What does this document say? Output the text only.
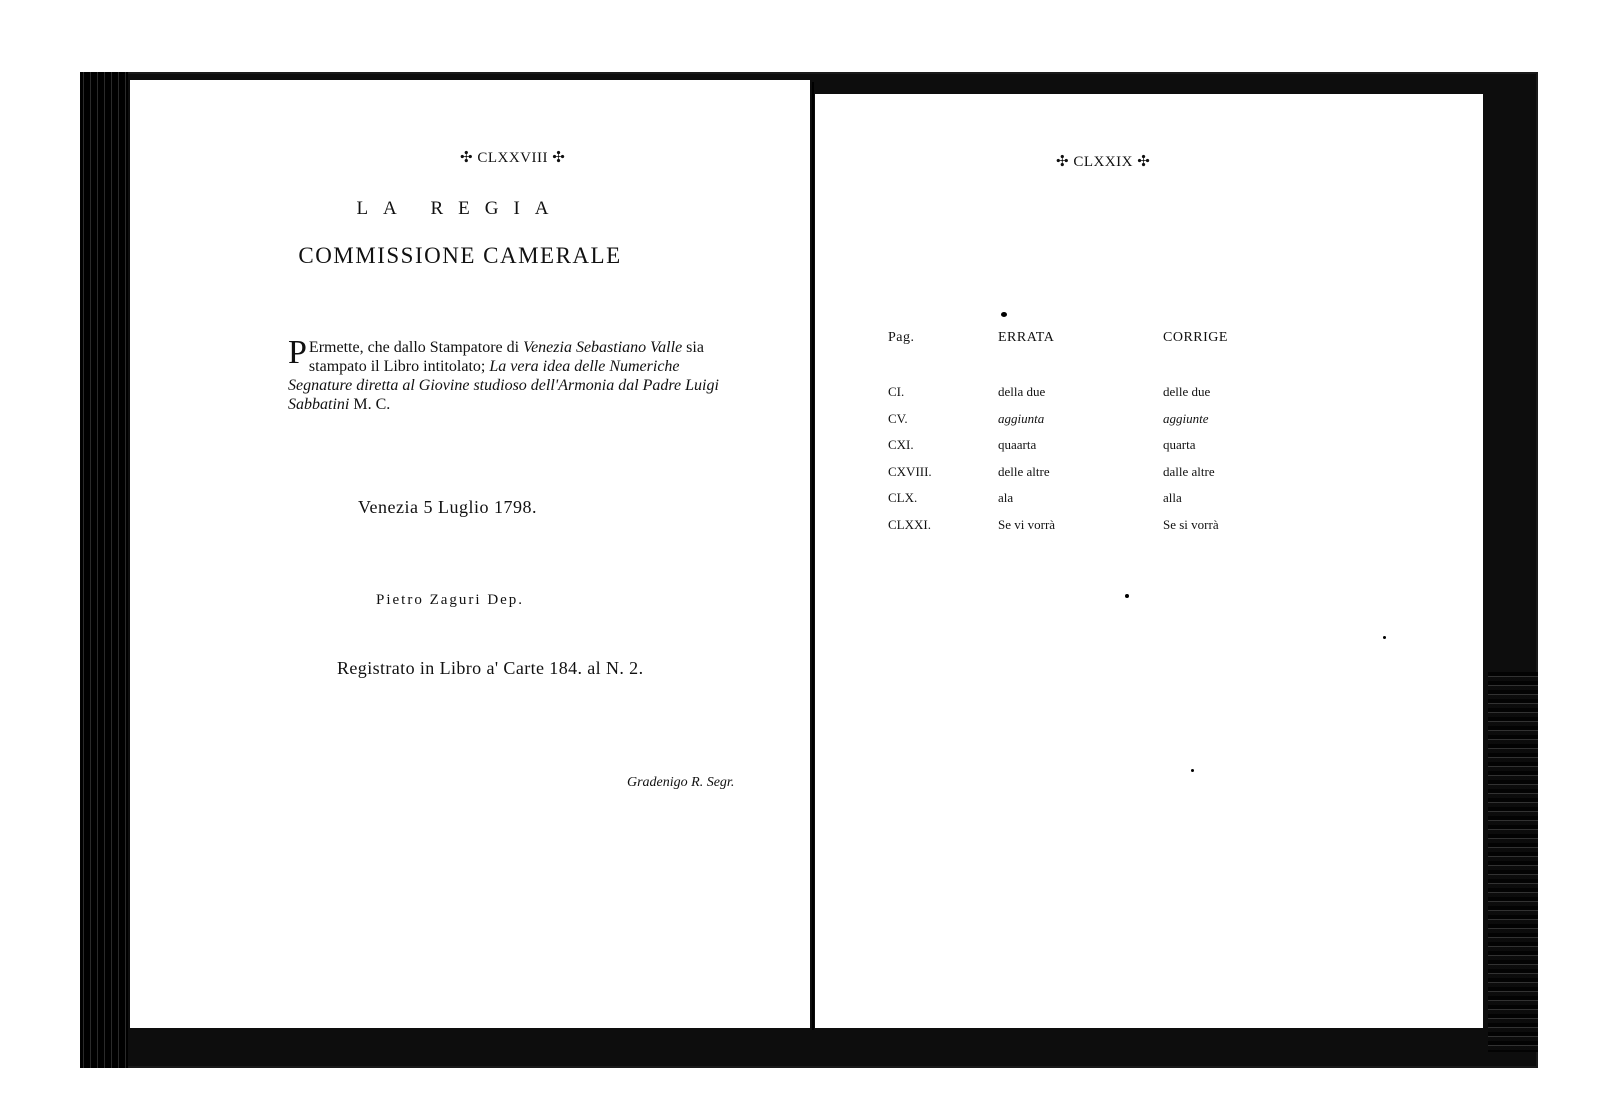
✣ CLXXVIII ✣
LA REGIA
COMMISSIONE CAMERALE
P Ermette, che dallo Stampatore di Venezia Sebastiano Valle sia stampato il Libro intitolato; La vera idea delle Numeriche Segnature diretta al Giovine studioso dell'Armonia dal Padre Luigi Sabbatini M. C.
Venezia 5 Luglio 1798.
Pietro Zaguri Dep.
Registrato in Libro a' Carte 184. al N. 2.
Gradenigo R. Segr.
✣ CLXXIX ✣
Pag.	ERRATA	CORRIGE
CI.	della due	delle due
CV.	aggiunta	aggiunte
CXI.	quaarta	quarta
CXVIII.	delle altre	dalle altre
CLX.	ala	alla
CLXXI.	Se vi vorrà	Se si vorrà
